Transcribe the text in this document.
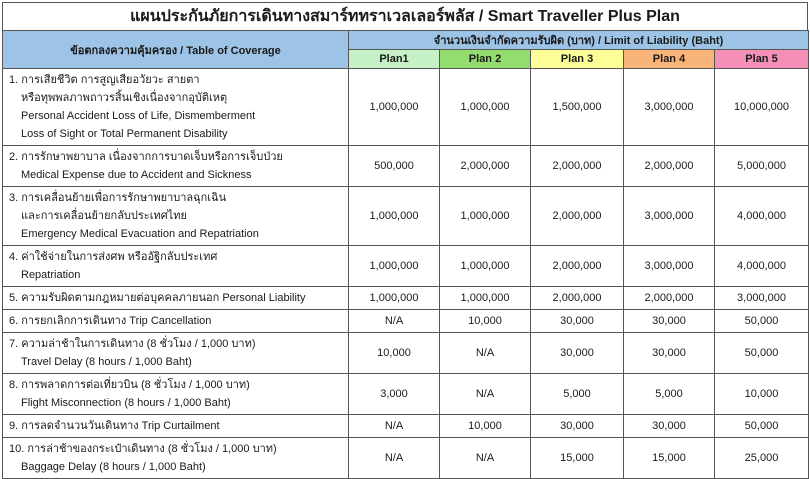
แผนประกันภัยการเดินทางสมาร์ททราเวลเลอร์พลัส / Smart Traveller Plus Plan
ข้อตกลงความคุ้มครอง / Table of Coverage	จำนวนเงินจำกัดความรับผิด (บาท) / Limit of Liability (Baht)				
	Plan1	Plan 2	Plan 3	Plan 4	Plan 5

1. การเสียชีวิต การสูญเสียอวัยวะ สายตา
หรือทุพพลภาพถาวรสิ้นเชิงเนื่องจากอุบัติเหตุ
Personal Accident Loss of Life, Dismemberment
Loss of Sight or Total Permanent Disability	1,000,000	1,000,000	1,500,000	3,000,000	10,000,000

2. การรักษาพยาบาล เนื่องจากการบาดเจ็บหรือการเจ็บป่วย
Medical Expense due to Accident and Sickness	500,000	2,000,000	2,000,000	2,000,000	5,000,000

3. การเคลื่อนย้ายเพื่อการรักษาพยาบาลฉุกเฉิน
และการเคลื่อนย้ายกลับประเทศไทย
Emergency Medical Evacuation and Repatriation	1,000,000	1,000,000	2,000,000	3,000,000	4,000,000

4. ค่าใช้จ่ายในการส่งศพ หรืออัฐิกลับประเทศ
Repatriation	1,000,000	1,000,000	2,000,000	3,000,000	4,000,000

5. ความรับผิดตามกฎหมายต่อบุคคลภายนอก Personal Liability	1,000,000	1,000,000	2,000,000	2,000,000	3,000,000

6. การยกเลิกการเดินทาง Trip Cancellation	N/A	10,000	30,000	30,000	50,000

7. ความล่าช้าในการเดินทาง (8 ชั่วโมง / 1,000 บาท)
Travel Delay (8 hours / 1,000 Baht)	10,000	N/A	30,000	30,000	50,000

8. การพลาดการต่อเที่ยวบิน (8 ชั่วโมง / 1,000 บาท)
Flight Misconnection (8 hours / 1,000 Baht)	3,000	N/A	5,000	5,000	10,000

9. การลดจำนวนวันเดินทาง Trip Curtailment	N/A	10,000	30,000	30,000	50,000

10. การล่าช้าของกระเป๋าเดินทาง (8 ชั่วโมง / 1,000 บาท)
Baggage Delay (8 hours / 1,000 Baht)	N/A	N/A	15,000	15,000	25,000
